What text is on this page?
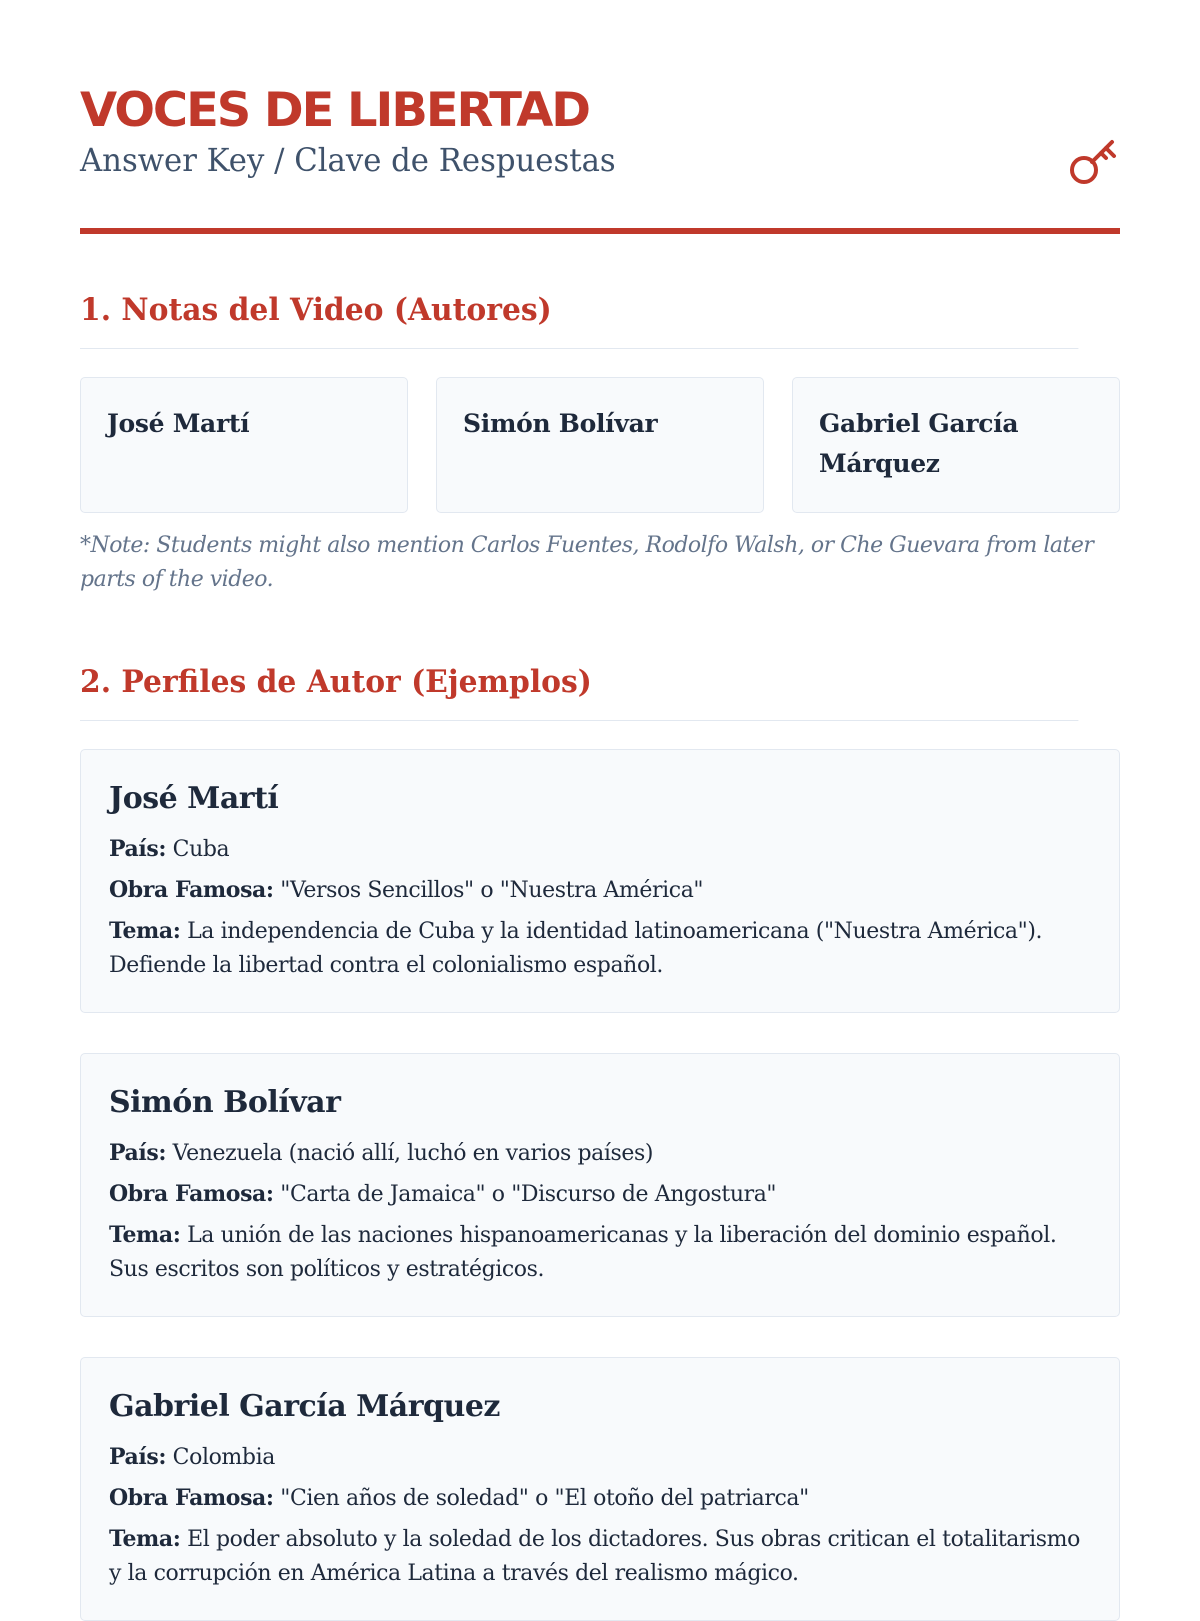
VOCES DE LIBERTAD
Answer Key / Clave de Respuestas
1. Notas del Video (Autores)
José Martí	Simón Bolívar	Gabriel García Márquez
*Note: Students might also mention Carlos Fuentes, Rodolfo Walsh, or Che Guevara from later parts of the video.
2. Perfiles de Autor (Ejemplos)
José Martí
País: Cuba
Obra Famosa: "Versos Sencillos" o "Nuestra América"
Tema: La independencia de Cuba y la identidad latinoamericana ("Nuestra América"). Defiende la libertad contra el colonialismo español.
Simón Bolívar
País: Venezuela (nació allí, luchó en varios países)
Obra Famosa: "Carta de Jamaica" o "Discurso de Angostura"
Tema: La unión de las naciones hispanoamericanas y la liberación del dominio español. Sus escritos son políticos y estratégicos.
Gabriel García Márquez
País: Colombia
Obra Famosa: "Cien años de soledad" o "El otoño del patriarca"
Tema: El poder absoluto y la soledad de los dictadores. Sus obras critican el totalitarismo y la corrupción en América Latina a través del realismo mágico.
